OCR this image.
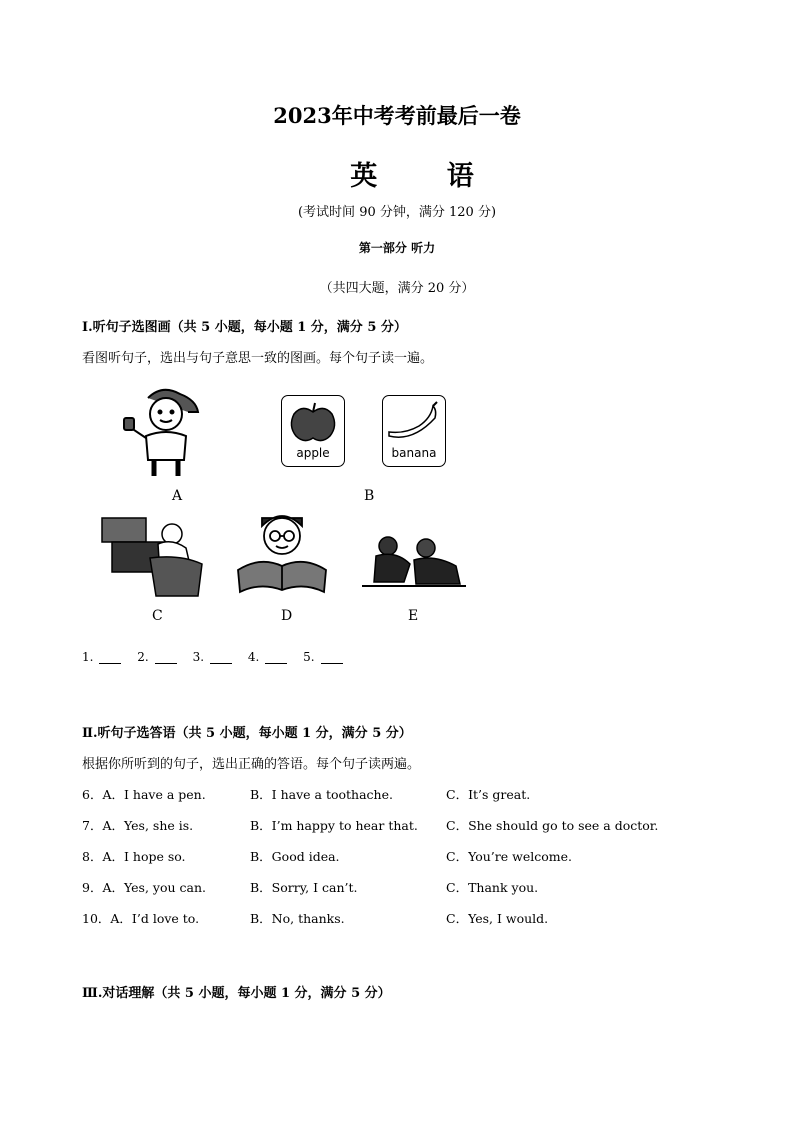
2023年中考考前最后一卷
英 语
(考试时间 90 分钟，满分 120 分)
第一部分 听力
（共四大题，满分 20 分）
Ⅰ.听句子选图画（共 5 小题，每小题 1 分，满分 5 分）
看图听句子，选出与句子意思一致的图画。每个句子读一遍。
A
apple	banana
B
C	D	E
1.	2.	3.	4.	5.
Ⅱ.听句子选答语（共 5 小题，每小题 1 分，满分 5 分）
根据你所听到的句子，选出正确的答语。每个句子读两遍。
6．A．I have a pen.	B．I have a toothache.	C．It’s great.
7．A．Yes, she is.	B．I’m happy to hear that. C．She should go to see a doctor.
8．A．I hope so.	B．Good idea.	C．You’re welcome.
9．A．Yes, you can.	B．Sorry, I can’t.	C．Thank you.
10．A．I’d love to.	B．No, thanks.	C．Yes, I would.
Ⅲ.对话理解（共 5 小题，每小题 1 分，满分 5 分）
